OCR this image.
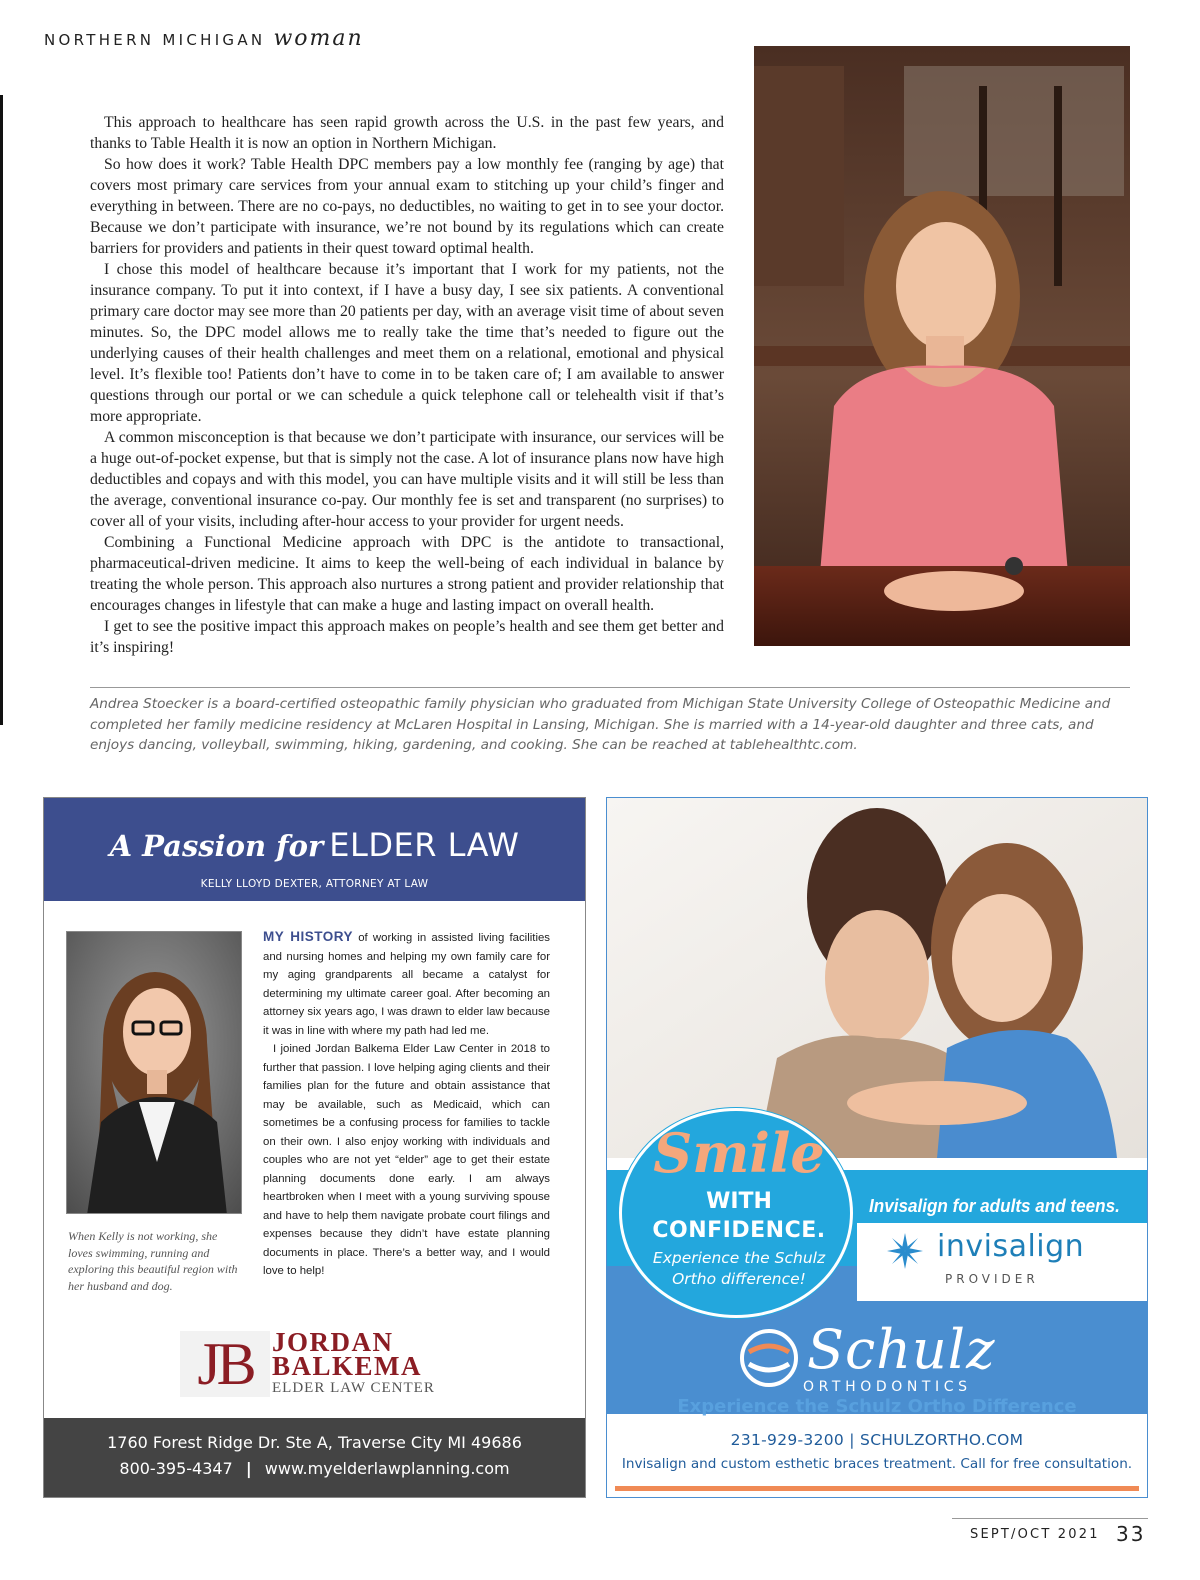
NORTHERN MICHIGAN woman

This approach to healthcare has seen rapid growth across the U.S. in the past few years, and thanks to Table Health it is now an option in Northern Michigan.

So how does it work? Table Health DPC members pay a low monthly fee (ranging by age) that covers most primary care services from your annual exam to stitching up your child’s finger and everything in between. There are no co-pays, no deductibles, no waiting to get in to see your doctor. Because we don’t participate with insurance, we’re not bound by its regulations which can create barriers for providers and patients in their quest toward optimal health.

I chose this model of healthcare because it’s important that I work for my patients, not the insurance company. To put it into context, if I have a busy day, I see six patients. A conventional primary care doctor may see more than 20 patients per day, with an average visit time of about seven minutes. So, the DPC model allows me to really take the time that’s needed to figure out the underlying causes of their health challenges and meet them on a relational, emotional and physical level. It’s flexible too! Patients don’t have to come in to be taken care of; I am available to answer questions through our portal or we can schedule a quick telephone call or telehealth visit if that’s more appropriate.

A common misconception is that because we don’t participate with insurance, our services will be a huge out-of-pocket expense, but that is simply not the case. A lot of insurance plans now have high deductibles and copays and with this model, you can have multiple visits and it will still be less than the average, conventional insurance co-pay. Our monthly fee is set and transparent (no surprises) to cover all of your visits, including after-hour access to your provider for urgent needs.

Combining a Functional Medicine approach with DPC is the antidote to transactional, pharmaceutical-driven medicine. It aims to keep the well-being of each individual in balance by treating the whole person. This approach also nurtures a strong patient and provider relationship that encourages changes in lifestyle that can make a huge and lasting impact on overall health.

I get to see the positive impact this approach makes on people’s health and see them get better and it’s inspiring!

Andrea Stoecker is a board-certified osteopathic family physician who graduated from Michigan State University College of Osteopathic Medicine and completed her family medicine residency at McLaren Hospital in Lansing, Michigan. She is married with a 14-year-old daughter and three cats, and enjoys dancing, volleyball, swimming, hiking, gardening, and cooking. She can be reached at tablehealthtc.com.
A Passion for ELDER LAW
KELLY LLOYD DEXTER, ATTORNEY AT LAW
When Kelly is not working, she loves swimming, running and exploring this beautiful region with her husband and dog.

MY HISTORY of working in assisted living facilities and nursing homes and helping my own family care for my aging grandparents all became a catalyst for determining my ultimate career goal. After becoming an attorney six years ago, I was drawn to elder law because it was in line with where my path had led me.

I joined Jordan Balkema Elder Law Center in 2018 to further that passion. I love helping aging clients and their families plan for the future and obtain assistance that may be available, such as Medicaid, which can sometimes be a confusing process for families to tackle on their own. I also enjoy working with individuals and couples who are not yet “elder” age to get their estate planning documents done early. I am always heartbroken when I meet with a young surviving spouse and have to help them navigate probate court filings and expenses because they didn’t have estate planning documents in place. There’s a better way, and I would love to help!

JB JORDAN
BALKEMA
ELDER LAW CENTER
1760 Forest Ridge Dr. Ste A, Traverse City MI 49686
800-395-4347 | www.myelderlawplanning.com
Smile
WITH
CONFIDENCE.
Experience the Schulz Ortho difference!
Invisalign for adults and teens.
invisalign
PROVIDER
Schulz
ORTHODONTICS
Experience the Schulz Ortho Difference
231-929-3200 | SCHULZORTHO.COM
Invisalign and custom esthetic braces treatment. Call for free consultation.
SEPT/OCT 2021 33
